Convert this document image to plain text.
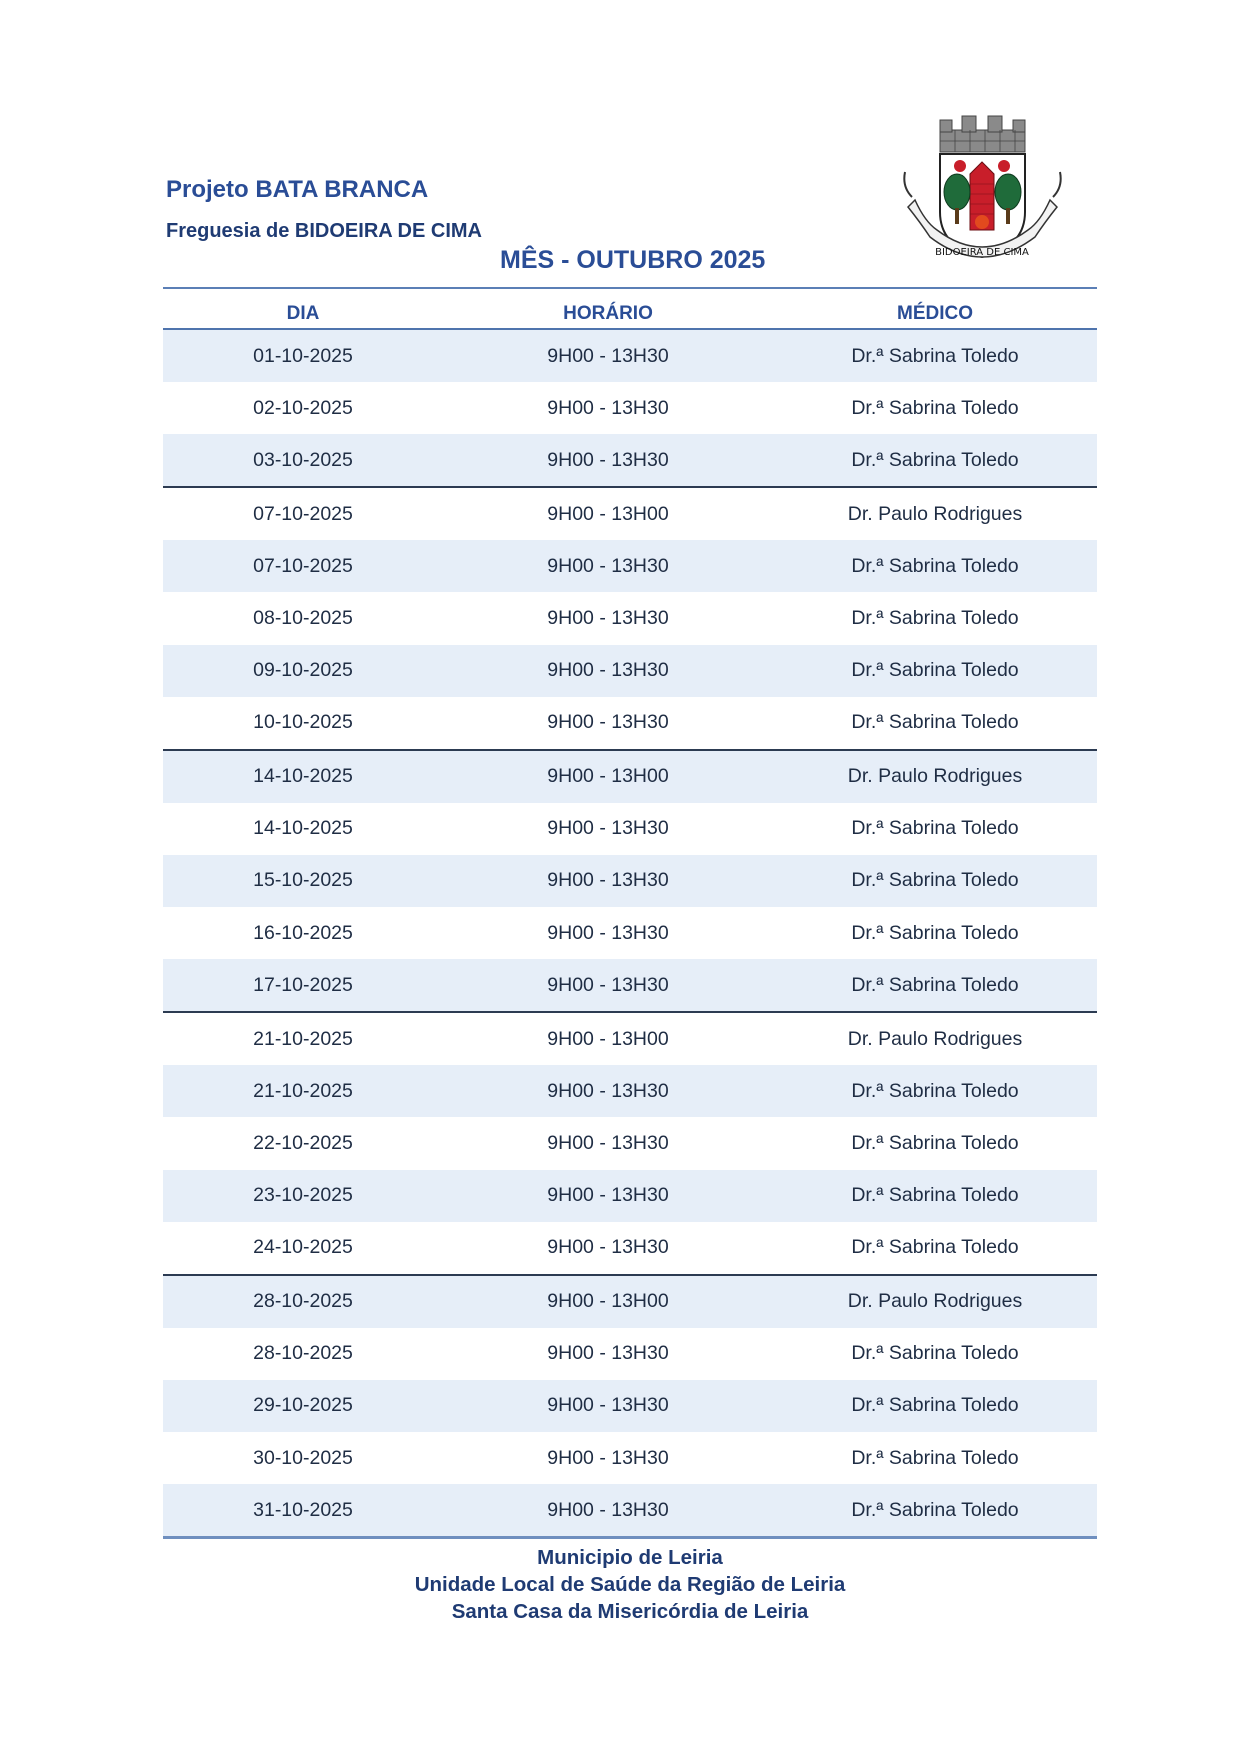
Projeto BATA BRANCA
Freguesia de BIDOEIRA DE CIMA
MÊS - OUTUBRO 2025	BIDOEIRA DE CIMA
DIA	HORÁRIO	MÉDICO
01-10-2025	9H00 - 13H30	Dr.ª Sabrina Toledo
02-10-2025	9H00 - 13H30	Dr.ª Sabrina Toledo
03-10-2025	9H00 - 13H30	Dr.ª Sabrina Toledo
07-10-2025	9H00 - 13H00	Dr. Paulo Rodrigues
07-10-2025	9H00 - 13H30	Dr.ª Sabrina Toledo
08-10-2025	9H00 - 13H30	Dr.ª Sabrina Toledo
09-10-2025	9H00 - 13H30	Dr.ª Sabrina Toledo
10-10-2025	9H00 - 13H30	Dr.ª Sabrina Toledo
14-10-2025	9H00 - 13H00	Dr. Paulo Rodrigues
14-10-2025	9H00 - 13H30	Dr.ª Sabrina Toledo
15-10-2025	9H00 - 13H30	Dr.ª Sabrina Toledo
16-10-2025	9H00 - 13H30	Dr.ª Sabrina Toledo
17-10-2025	9H00 - 13H30	Dr.ª Sabrina Toledo
21-10-2025	9H00 - 13H00	Dr. Paulo Rodrigues
21-10-2025	9H00 - 13H30	Dr.ª Sabrina Toledo
22-10-2025	9H00 - 13H30	Dr.ª Sabrina Toledo
23-10-2025	9H00 - 13H30	Dr.ª Sabrina Toledo
24-10-2025	9H00 - 13H30	Dr.ª Sabrina Toledo
28-10-2025	9H00 - 13H00	Dr. Paulo Rodrigues
28-10-2025	9H00 - 13H30	Dr.ª Sabrina Toledo
29-10-2025	9H00 - 13H30	Dr.ª Sabrina Toledo
30-10-2025	9H00 - 13H30	Dr.ª Sabrina Toledo
31-10-2025	9H00 - 13H30	Dr.ª Sabrina Toledo
Municipio de Leiria
Unidade Local de Saúde da Região de Leiria
Santa Casa da Misericórdia de Leiria
